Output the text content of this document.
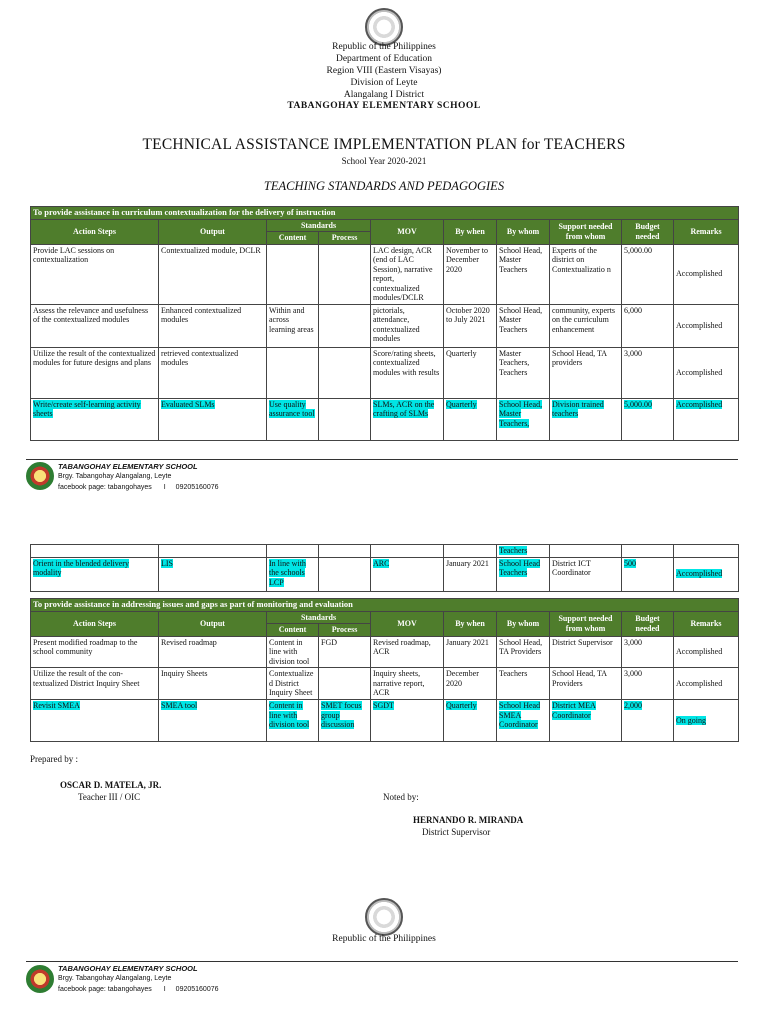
Republic of the Philippines
Department of Education
Region VIII (Eastern Visayas)
Division of Leyte
Alangalang I District
TABANGOHAY ELEMENTARY SCHOOL
TECHNICAL ASSISTANCE IMPLEMENTATION PLAN for TEACHERS
School Year 2020-2021
TEACHING STANDARDS AND PEDAGOGIES
To provide assistance in curriculum contextualization for the delivery of instruction									
Action Steps	Output	Standards		MOV	By when	By whom	Support needed from whom	Budget needed	Remarks
		Content	Process						
Provide LAC sessions on contextualization	Contextualized module, DCLR			LAC design, ACR (end of LAC Session), narrative report, contextualized modules/DCLR	November to December 2020	School Head, Master Teachers	Experts of the district on Contextualizatio n	5,000.00	Accomplished
Assess the relevance and usefulness of the contextualized modules	Enhanced contextualized modules	Within and across learning areas		pictorials, attendance, contextualized modules	October 2020 to July 2021	School Head, Master Teachers	community, experts on the curriculum enhancement	6,000	Accomplished
Utilize the result of the contextualized modules for future designs and plans	retrieved contextualized modules			Score/rating sheets, contextualized modules with results	Quarterly	Master Teachers, Teachers	School Head, TA providers	3,000	Accomplished
Write/create self-learning activity sheets	Evaluated SLMs	Use quality assurance tool		SLMs, ACR on the crafting of SLMs	Quarterly	School Head, Master Teachers,	Division trained teachers	5,000.00	Accomplished
TABANGOHAY ELEMENTARY SCHOOL
Brgy. Tabangohay Alangalang, Leyte
facebook page: tabangohayes I 09205160076
						Teachers			
Orient in the blended delivery modality	LIS	In line with the schools LCP		ARC	January 2021	School Head Teachers	District ICT Coordinator	500	Accomplished
To provide assistance in addressing issues and gaps as part of monitoring and evaluation									
Action Steps	Output	Standards		MOV	By when	By whom	Support needed from whom	Budget needed	Remarks
		Content	Process						
Present modified roadmap to the school community	Revised roadmap	Content in line with division tool	FGD	Revised roadmap, ACR	January 2021	School Head, TA Providers	District Supervisor	3,000	Accomplished
Utilize the result of the con-textualized District Inquiry Sheet	Inquiry Sheets	Contextualize d District Inquiry Sheet		Inquiry sheets, narrative report, ACR	December 2020	Teachers	School Head, TA Providers	3,000	Accomplished
Revisit SMEA	SMEA tool	Content in line with division tool	SMET focus group discussion	SGDT	Quarterly	School Head SMEA Coordinator	District MEA Coordinator	2,000	On going
Prepared by :
OSCAR D. MATELA, JR.
Teacher III / OIC	Noted by:
HERNANDO R. MIRANDA
District Supervisor
Republic of the Philippines
TABANGOHAY ELEMENTARY SCHOOL
Brgy. Tabangohay Alangalang, Leyte
facebook page: tabangohayes I 09205160076
